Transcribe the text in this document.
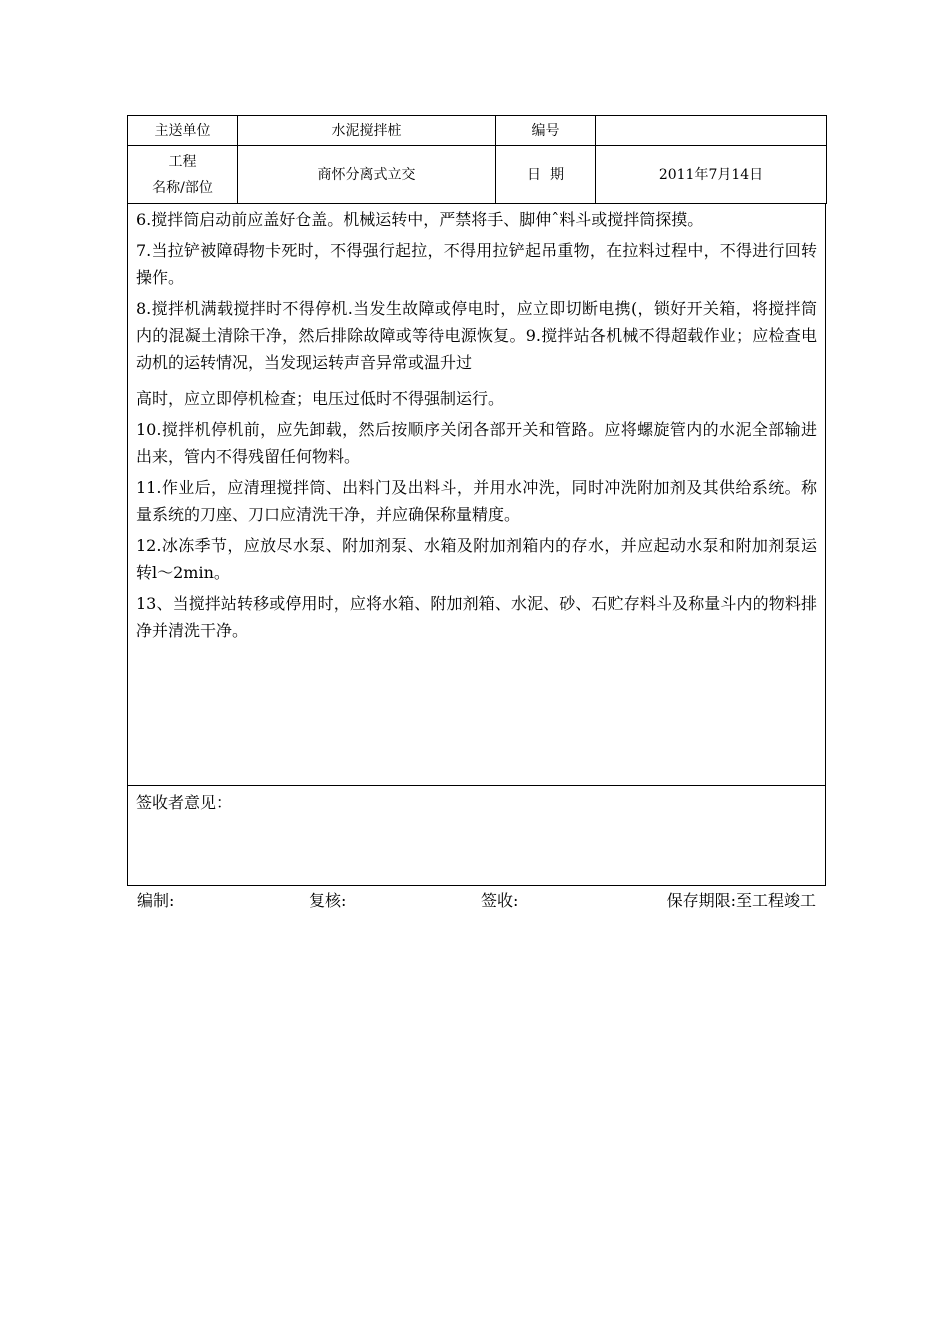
主送单位	水泥搅拌桩	编号	

工程
名称/部位	商怀分离式立交	日  期	2011年7月14日

6.搅拌筒启动前应盖好仓盖。机械运转中，严禁将手、脚伸ˆ料斗或搅拌筒探摸。

7.当拉铲被障碍物卡死时，不得强行起拉，不得用拉铲起吊重物，在拉料过程中，不得进行回转操作。

8.搅拌机满载搅拌时不得停机.当发生故障或停电时，应立即切断电携(，锁好开关箱，将搅拌筒内的混凝土清除干净，然后排除故障或等待电源恢复。9.搅拌站各机械不得超载作业；应检查电动机的运转情况，当发现运转声音异常或温升过

高时，应立即停机检查；电压过低时不得强制运行。

10.搅拌机停机前，应先卸载，然后按顺序关闭各部开关和管路。应将螺旋管内的水泥全部输进出来，管内不得残留任何物料。

11.作业后，应清理搅拌筒、出料门及出料斗，并用水冲洗，同时冲洗附加剂及其供给系统。称量系统的刀座、刀口应清洗干净，并应确保称量精度。

12.冰冻季节，应放尽水泵、附加剂泵、水箱及附加剂箱内的存水，并应起动水泵和附加剂泵运转l～2min。

13、当搅拌站转移或停用时，应将水箱、附加剂箱、水泥、砂、石贮存料斗及称量斗内的物料排净并清洗干净。

签收者意见：
编制:	复核:	签收:	保存期限:至工程竣工
